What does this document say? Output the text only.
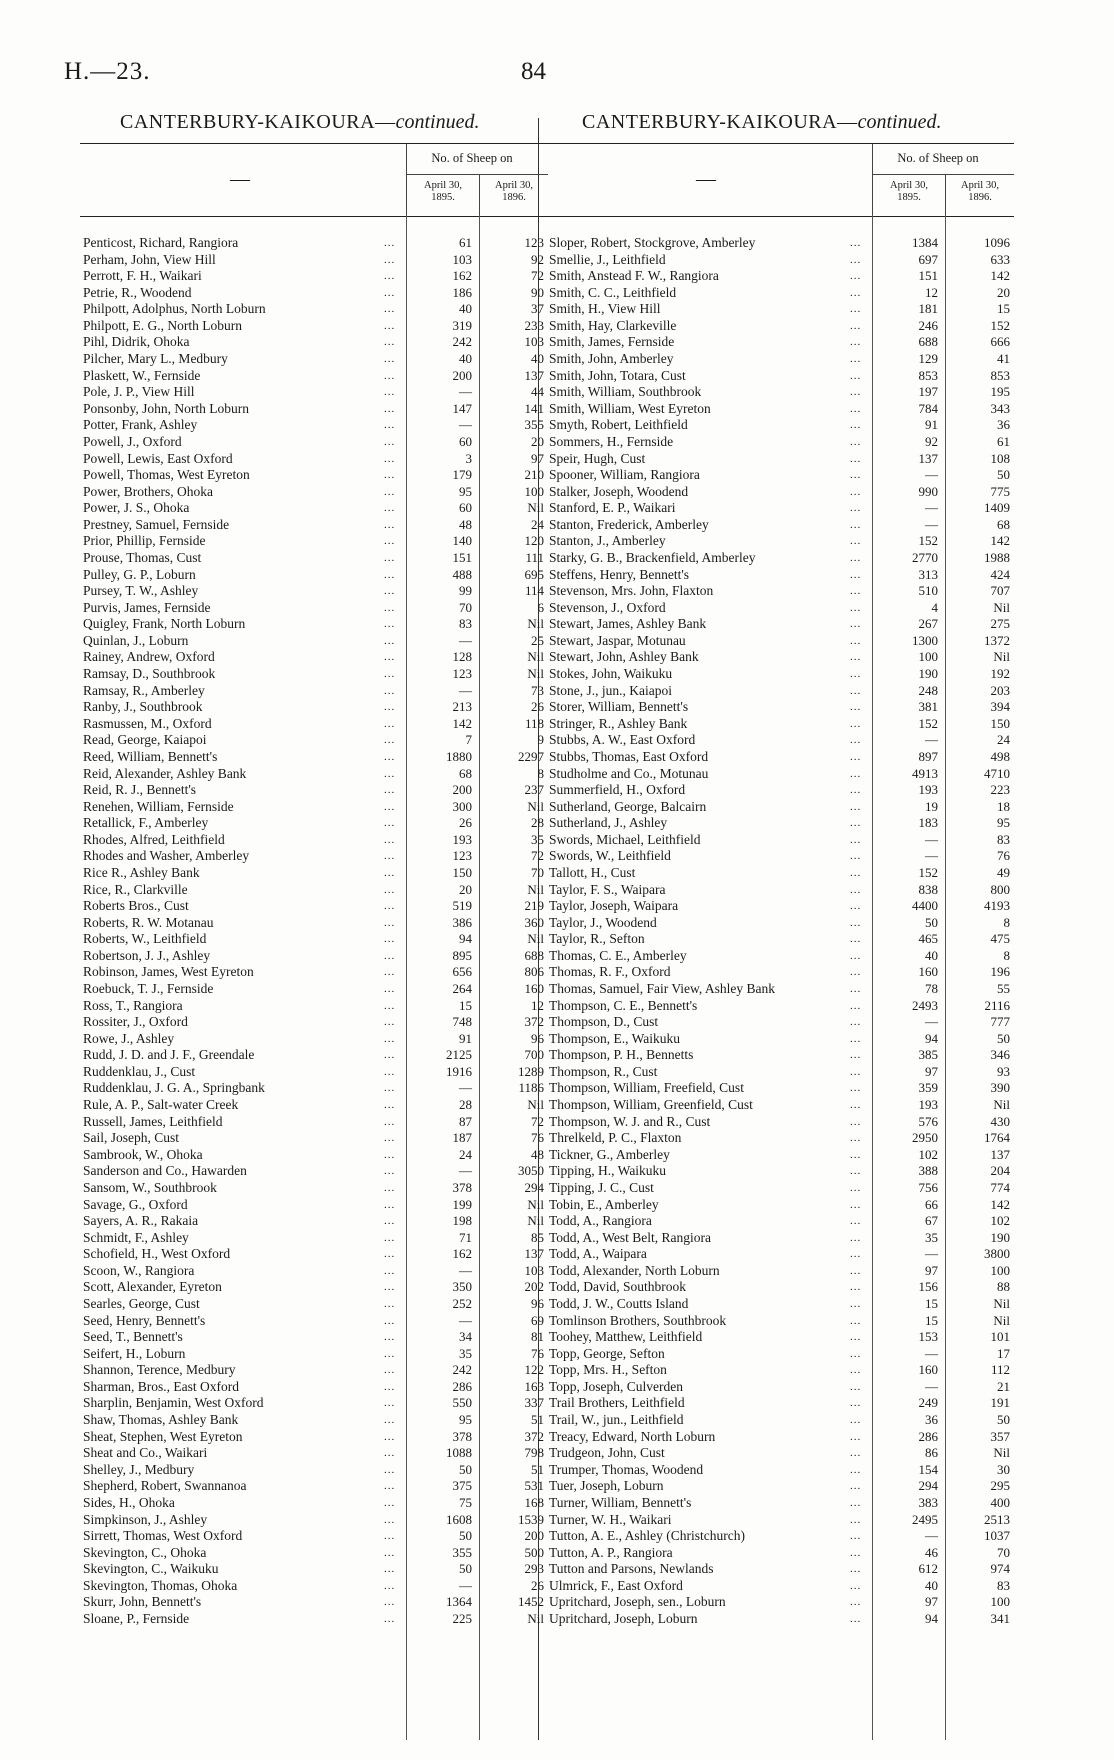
H.—23.	84
CANTERBURY-KAIKOURA—continued.	CANTERBURY-KAIKOURA—continued.
—
No. of Sheep on
April 30,
1895.
April 30,
1896.
Penticost, Richard, Rangiora	...	61	123
Perham, John, View Hill	...	103	92
Perrott, F. H., Waikari	...	162	72
Petrie, R., Woodend	...	186	90
Philpott, Adolphus, North Loburn	...	40	37
Philpott, E. G., North Loburn	...	319	233
Pihl, Didrik, Ohoka	...	242	103
Pilcher, Mary L., Medbury	...	40	40
Plaskett, W., Fernside	...	200	137
Pole, J. P., View Hill	...	—	44
Ponsonby, John, North Loburn	...	147	141
Potter, Frank, Ashley	...	—	355
Powell, J., Oxford	...	60	20
Powell, Lewis, East Oxford	...	3	97
Powell, Thomas, West Eyreton	...	179	210
Power, Brothers, Ohoka	...	95	100
Power, J. S., Ohoka	...	60	Nil
Prestney, Samuel, Fernside	...	48	24
Prior, Phillip, Fernside	...	140	120
Prouse, Thomas, Cust	...	151	111
Pulley, G. P., Loburn	...	488	695
Pursey, T. W., Ashley	...	99	114
Purvis, James, Fernside	...	70	6
Quigley, Frank, North Loburn	...	83	Nil
Quinlan, J., Loburn	...	—	25
Rainey, Andrew, Oxford	...	128	Nil
Ramsay, D., Southbrook	...	123	Nil
Ramsay, R., Amberley	...	—	73
Ranby, J., Southbrook	...	213	26
Rasmussen, M., Oxford	...	142	118
Read, George, Kaiapoi	...	7	9
Reed, William, Bennett's	...	1880	2297
Reid, Alexander, Ashley Bank	...	68	8
Reid, R. J., Bennett's	...	200	237
Renehen, William, Fernside	...	300	Nil
Retallick, F., Amberley	...	26	28
Rhodes, Alfred, Leithfield	...	193	35
Rhodes and Washer, Amberley	...	123	72
Rice R., Ashley Bank	...	150	70
Rice, R., Clarkville	...	20	Nil
Roberts Bros., Cust	...	519	219
Roberts, R. W. Motanau	...	386	360
Roberts, W., Leithfield	...	94	Nil
Robertson, J. J., Ashley	...	895	688
Robinson, James, West Eyreton	...	656	806
Roebuck, T. J., Fernside	...	264	160
Ross, T., Rangiora	...	15	12
Rossiter, J., Oxford	...	748	372
Rowe, J., Ashley	...	91	96
Rudd, J. D. and J. F., Greendale	...	2125	700
Ruddenklau, J., Cust	...	1916	1289
Ruddenklau, J. G. A., Springbank	...	—	1186
Rule, A. P., Salt-water Creek	...	28	Nil
Russell, James, Leithfield	...	87	72
Sail, Joseph, Cust	...	187	76
Sambrook, W., Ohoka	...	24	48
Sanderson and Co., Hawarden	...	—	3050
Sansom, W., Southbrook	...	378	294
Savage, G., Oxford	...	199	Nil
Sayers, A. R., Rakaia	...	198	Nil
Schmidt, F., Ashley	...	71	85
Schofield, H., West Oxford	...	162	137
Scoon, W., Rangiora	...	—	103
Scott, Alexander, Eyreton	...	350	202
Searles, George, Cust	...	252	96
Seed, Henry, Bennett's	...	—	69
Seed, T., Bennett's	...	34	81
Seifert, H., Loburn	...	35	76
Shannon, Terence, Medbury	...	242	122
Sharman, Bros., East Oxford	...	286	163
Sharplin, Benjamin, West Oxford	...	550	337
Shaw, Thomas, Ashley Bank	...	95	51
Sheat, Stephen, West Eyreton	...	378	372
Sheat and Co., Waikari	...	1088	798
Shelley, J., Medbury	...	50	51
Shepherd, Robert, Swannanoa	...	375	531
Sides, H., Ohoka	...	75	168
Simpkinson, J., Ashley	...	1608	1539
Sirrett, Thomas, West Oxford	...	50	200
Skevington, C., Ohoka	...	355	500
Skevington, C., Waikuku	...	50	293
Skevington, Thomas, Ohoka	...	—	26
Skurr, John, Bennett's	...	1364	1452
Sloane, P., Fernside	...	225	Nil
—
No. of Sheep on
April 30,
1895.
April 30,
1896.
Sloper, Robert, Stockgrove, Amberley	...	1384	1096
Smellie, J., Leithfield	...	697	633
Smith, Anstead F. W., Rangiora	...	151	142
Smith, C. C., Leithfield	...	12	20
Smith, H., View Hill	...	181	15
Smith, Hay, Clarkeville	...	246	152
Smith, James, Fernside	...	688	666
Smith, John, Amberley	...	129	41
Smith, John, Totara, Cust	...	853	853
Smith, William, Southbrook	...	197	195
Smith, William, West Eyreton	...	784	343
Smyth, Robert, Leithfield	...	91	36
Sommers, H., Fernside	...	92	61
Speir, Hugh, Cust	...	137	108
Spooner, William, Rangiora	...	—	50
Stalker, Joseph, Woodend	...	990	775
Stanford, E. P., Waikari	...	—	1409
Stanton, Frederick, Amberley	...	—	68
Stanton, J., Amberley	...	152	142
Starky, G. B., Brackenfield, Amberley	...	2770	1988
Steffens, Henry, Bennett's	...	313	424
Stevenson, Mrs. John, Flaxton	...	510	707
Stevenson, J., Oxford	...	4	Nil
Stewart, James, Ashley Bank	...	267	275
Stewart, Jaspar, Motunau	...	1300	1372
Stewart, John, Ashley Bank	...	100	Nil
Stokes, John, Waikuku	...	190	192
Stone, J., jun., Kaiapoi	...	248	203
Storer, William, Bennett's	...	381	394
Stringer, R., Ashley Bank	...	152	150
Stubbs, A. W., East Oxford	...	—	24
Stubbs, Thomas, East Oxford	...	897	498
Studholme and Co., Motunau	...	4913	4710
Summerfield, H., Oxford	...	193	223
Sutherland, George, Balcairn	...	19	18
Sutherland, J., Ashley	...	183	95
Swords, Michael, Leithfield	...	—	83
Swords, W., Leithfield	...	—	76
Tallott, H., Cust	...	152	49
Taylor, F. S., Waipara	...	838	800
Taylor, Joseph, Waipara	...	4400	4193
Taylor, J., Woodend	...	50	8
Taylor, R., Sefton	...	465	475
Thomas, C. E., Amberley	...	40	8
Thomas, R. F., Oxford	...	160	196
Thomas, Samuel, Fair View, Ashley Bank	...	78	55
Thompson, C. E., Bennett's	...	2493	2116
Thompson, D., Cust	...	—	777
Thompson, E., Waikuku	...	94	50
Thompson, P. H., Bennetts	...	385	346
Thompson, R., Cust	...	97	93
Thompson, William, Freefield, Cust	...	359	390
Thompson, William, Greenfield, Cust	...	193	Nil
Thompson, W. J. and R., Cust	...	576	430
Threlkeld, P. C., Flaxton	...	2950	1764
Tickner, G., Amberley	...	102	137
Tipping, H., Waikuku	...	388	204
Tipping, J. C., Cust	...	756	774
Tobin, E., Amberley	...	66	142
Todd, A., Rangiora	...	67	102
Todd, A., West Belt, Rangiora	...	35	190
Todd, A., Waipara	...	—	3800
Todd, Alexander, North Loburn	...	97	100
Todd, David, Southbrook	...	156	88
Todd, J. W., Coutts Island	...	15	Nil
Tomlinson Brothers, Southbrook	...	15	Nil
Toohey, Matthew, Leithfield	...	153	101
Topp, George, Sefton	...	—	17
Topp, Mrs. H., Sefton	...	160	112
Topp, Joseph, Culverden	...	—	21
Trail Brothers, Leithfield	...	249	191
Trail, W., jun., Leithfield	...	36	50
Treacy, Edward, North Loburn	...	286	357
Trudgeon, John, Cust	...	86	Nil
Trumper, Thomas, Woodend	...	154	30
Tuer, Joseph, Loburn	...	294	295
Turner, William, Bennett's	...	383	400
Turner, W. H., Waikari	...	2495	2513
Tutton, A. E., Ashley (Christchurch)	...	—	1037
Tutton, A. P., Rangiora	...	46	70
Tutton and Parsons, Newlands	...	612	974
Ulmrick, F., East Oxford	...	40	83
Upritchard, Joseph, sen., Loburn	...	97	100
Upritchard, Joseph, Loburn	...	94	341
